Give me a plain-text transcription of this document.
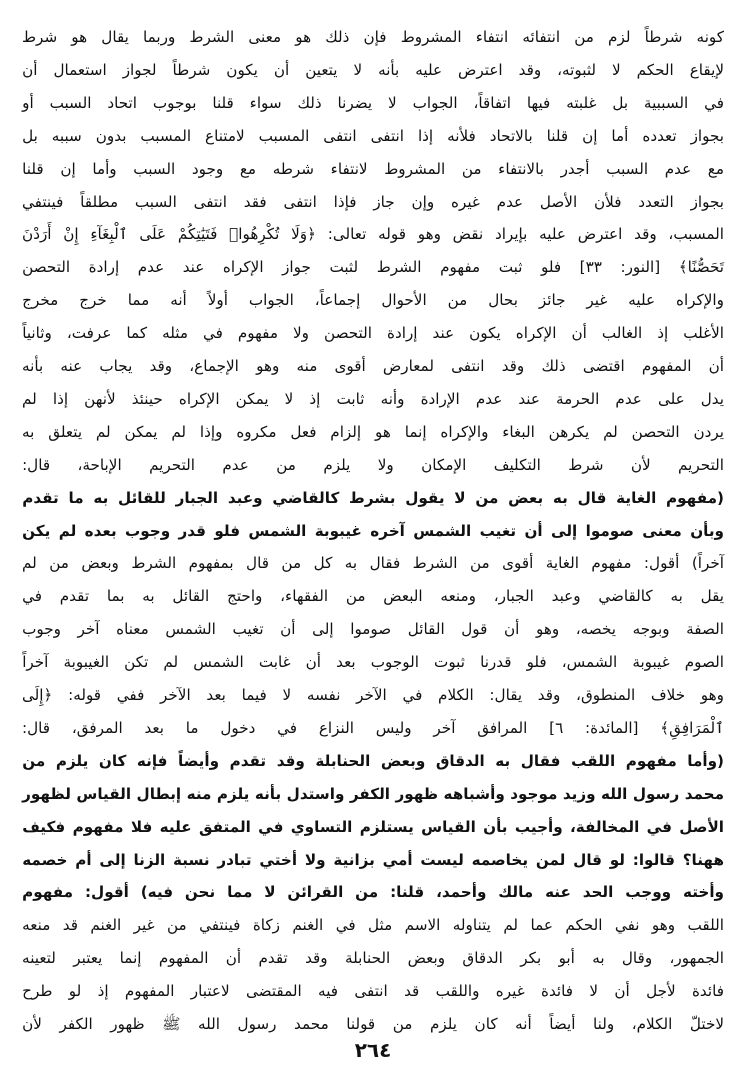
كونه
شرطاً
لزم
من
انتفائه
انتفاء
المشروط
فإن
ذلك
هو
معنى
الشرط
وربما
يقال
هو
شرط
لإيقاع
الحكم
لا
لثبوته،
وقد
اعترض
عليه
بأنه
لا
يتعين
أن
يكون
شرطاً
لجواز
استعمال
أن
في
السببية
بل
غلبته
فيها
اتفاقاً،
الجواب
لا
يضرنا
ذلك
سواء
قلنا
بوجوب
اتحاد
السبب
أو
بجواز
تعدده
أما
إن
قلنا
بالاتحاد
فلأنه
إذا
انتفى
انتفى
المسبب
لامتناع
المسبب
بدون
سببه
بل
مع
عدم
السبب
أجدر
بالانتفاء
من
المشروط
لانتفاء
شرطه
مع
وجود
السبب
وأما
إن
قلنا
بجواز
التعدد
فلأن
الأصل
عدم
غيره
وإن
جاز
فإذا
انتفى
فقد
انتفى
السبب
مطلقاً
فينتفي
المسبب،
وقد
اعترض
عليه
بإيراد
نقض
وهو
قوله
تعالى:
﴿وَلَا
تُكْرِهُوا۟
فَتَيَٰتِكُمْ
عَلَى
ٱلْبِغَآءِ
إِنْ
أَرَدْنَ
تَحَصُّنًا﴾
[النور:
٣٣]
فلو
ثبت
مفهوم
الشرط
لثبت
جواز
الإكراه
عند
عدم
إرادة
التحصن
والإكراه
عليه
غير
جائز
بحال
من
الأحوال
إجماعاً،
الجواب
أولاً
أنه
مما
خرج
مخرج
الأغلب
إذ
الغالب
أن
الإكراه
يكون
عند
إرادة
التحصن
ولا
مفهوم
في
مثله
كما
عرفت،
وثانياً
أن
المفهوم
اقتضى
ذلك
وقد
انتفى
لمعارض
أقوى
منه
وهو
الإجماع،
وقد
يجاب
عنه
بأنه
يدل
على
عدم
الحرمة
عند
عدم
الإرادة
وأنه
ثابت
إذ
لا
يمكن
الإكراه
حينئذ
لأنهن
إذا
لم
يردن
التحصن
لم
يكرهن
البغاء
والإكراه
إنما
هو
إلزام
فعل
مكروه
وإذا
لم
يمكن
لم
يتعلق
به
التحريم
لأن
شرط
التكليف
الإمكان
ولا
يلزم
من
عدم
التحريم
الإباحة،
قال:
(مفهوم
الغاية
قال
به
بعض
من
لا
يقول
بشرط
كالقاضي
وعبد
الجبار
للقائل
به
ما
تقدم
وبأن
معنى
صوموا
إلى
أن
تغيب
الشمس
آخره
غيبوبة
الشمس
فلو
قدر
وجوب
بعده
لم
يكن
آخراً)
أقول:
مفهوم
الغاية
أقوى
من
الشرط
فقال
به
كل
من
قال
بمفهوم
الشرط
وبعض
من
لم
يقل
به
كالقاضي
وعبد
الجبار،
ومنعه
البعض
من
الفقهاء،
واحتج
القائل
به
بما
تقدم
في
الصفة
وبوجه
يخصه،
وهو
أن
قول
القائل
صوموا
إلى
أن
تغيب
الشمس
معناه
آخر
وجوب
الصوم
غيبوبة
الشمس،
فلو
قدرنا
ثبوت
الوجوب
بعد
أن
غابت
الشمس
لم
تكن
الغيبوبة
آخراً
وهو
خلاف
المنطوق،
وقد
يقال:
الكلام
في
الآخر
نفسه
لا
فيما
بعد
الآخر
ففي
قوله:
﴿إِلَى
ٱلْمَرَافِقِ﴾
[المائدة:
٦]
المرافق
آخر
وليس
النزاع
في
دخول
ما
بعد
المرفق،
قال:
(وأما
مفهوم
اللقب
فقال
به
الدقاق
وبعض
الحنابلة
وقد
تقدم
وأيضاً
فإنه
كان
يلزم
من
محمد
رسول
الله
وزيد
موجود
وأشباهه
ظهور
الكفر
واستدل
بأنه
يلزم
منه
إبطال
القياس
لظهور
الأصل
في
المخالفة،
وأجيب
بأن
القياس
يستلزم
التساوي
في
المتفق
عليه
فلا
مفهوم
فكيف
ههنا؟
قالوا:
لو
قال
لمن
يخاصمه
ليست
أمي
بزانية
ولا
أختي
تبادر
نسبة
الزنا
إلى
أم
خصمه
وأخته
ووجب
الحد
عنه
مالك
وأحمد،
قلنا:
من
القرائن
لا
مما
نحن
فيه)
أقول:
مفهوم
اللقب
وهو
نفي
الحكم
عما
لم
يتناوله
الاسم
مثل
في
الغنم
زكاة
فينتفي
من
غير
الغنم
قد
منعه
الجمهور،
وقال
به
أبو
بكر
الدقاق
وبعض
الحنابلة
وقد
تقدم
أن
المفهوم
إنما
يعتبر
لتعينه
فائدة
لأجل
أن
لا
فائدة
غيره
واللقب
قد
انتفى
فيه
المقتضى
لاعتبار
المفهوم
إذ
لو
طرح
لاختلّ
الكلام،
ولنا
أيضاً
أنه
كان
يلزم
من
قولنا
محمد
رسول
الله
ﷺ
ظهور
الكفر
لأن
٢٦٤
